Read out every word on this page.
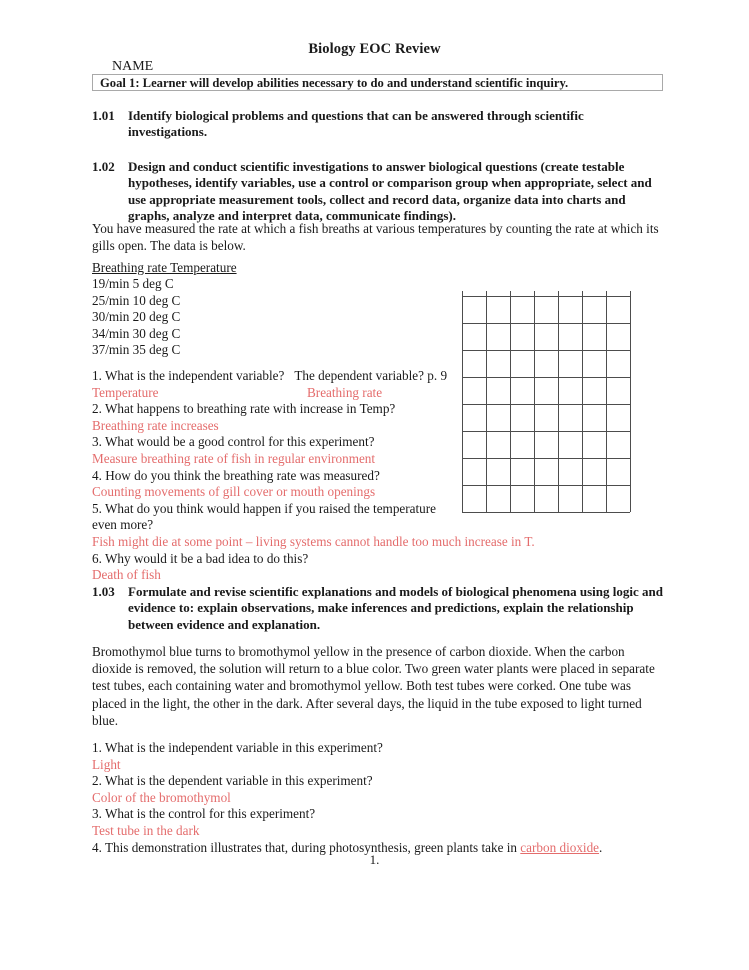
Biology EOC Review
NAME
Goal 1: Learner will develop abilities necessary to do and understand scientific inquiry.
1.01 Identify biological problems and questions that can be answered through scientific investigations.
1.02 Design and conduct scientific investigations to answer biological questions (create testable hypotheses, identify variables, use a control or comparison group when appropriate, select and use appropriate measurement tools, collect and record data, organize data into charts and graphs, analyze and interpret data, communicate findings).
You have measured the rate at which a fish breaths at various temperatures by counting the rate at which its gills open. The data is below.
Breathing rate Temperature
19/min 5 deg C
25/min 10 deg C
30/min 20 deg C
34/min 30 deg C
37/min 35 deg C
1. What is the independent variable? The dependent variable? p. 9
Temperature	Breathing rate
2. What happens to breathing rate with increase in Temp?
Breathing rate increases
3. What would be a good control for this experiment?
Measure breathing rate of fish in regular environment
4. How do you think the breathing rate was measured?
Counting movements of gill cover or mouth openings
5. What do you think would happen if you raised the temperature even more?
Fish might die at some point – living systems cannot handle too much increase in T.
6. Why would it be a bad idea to do this?
Death of fish
1.03 Formulate and revise scientific explanations and models of biological phenomena using logic and evidence to: explain observations, make inferences and predictions, explain the relationship between evidence and explanation.
Bromothymol blue turns to bromothymol yellow in the presence of carbon dioxide. When the carbon dioxide is removed, the solution will return to a blue color. Two green water plants were placed in separate test tubes, each containing water and bromothymol yellow. Both test tubes were corked. One tube was placed in the light, the other in the dark. After several days, the liquid in the tube exposed to light turned blue.
1. What is the independent variable in this experiment?
Light
2. What is the dependent variable in this experiment?
Color of the bromothymol
3. What is the control for this experiment?
Test tube in the dark
4. This demonstration illustrates that, during photosynthesis, green plants take in carbon dioxide.
1.
